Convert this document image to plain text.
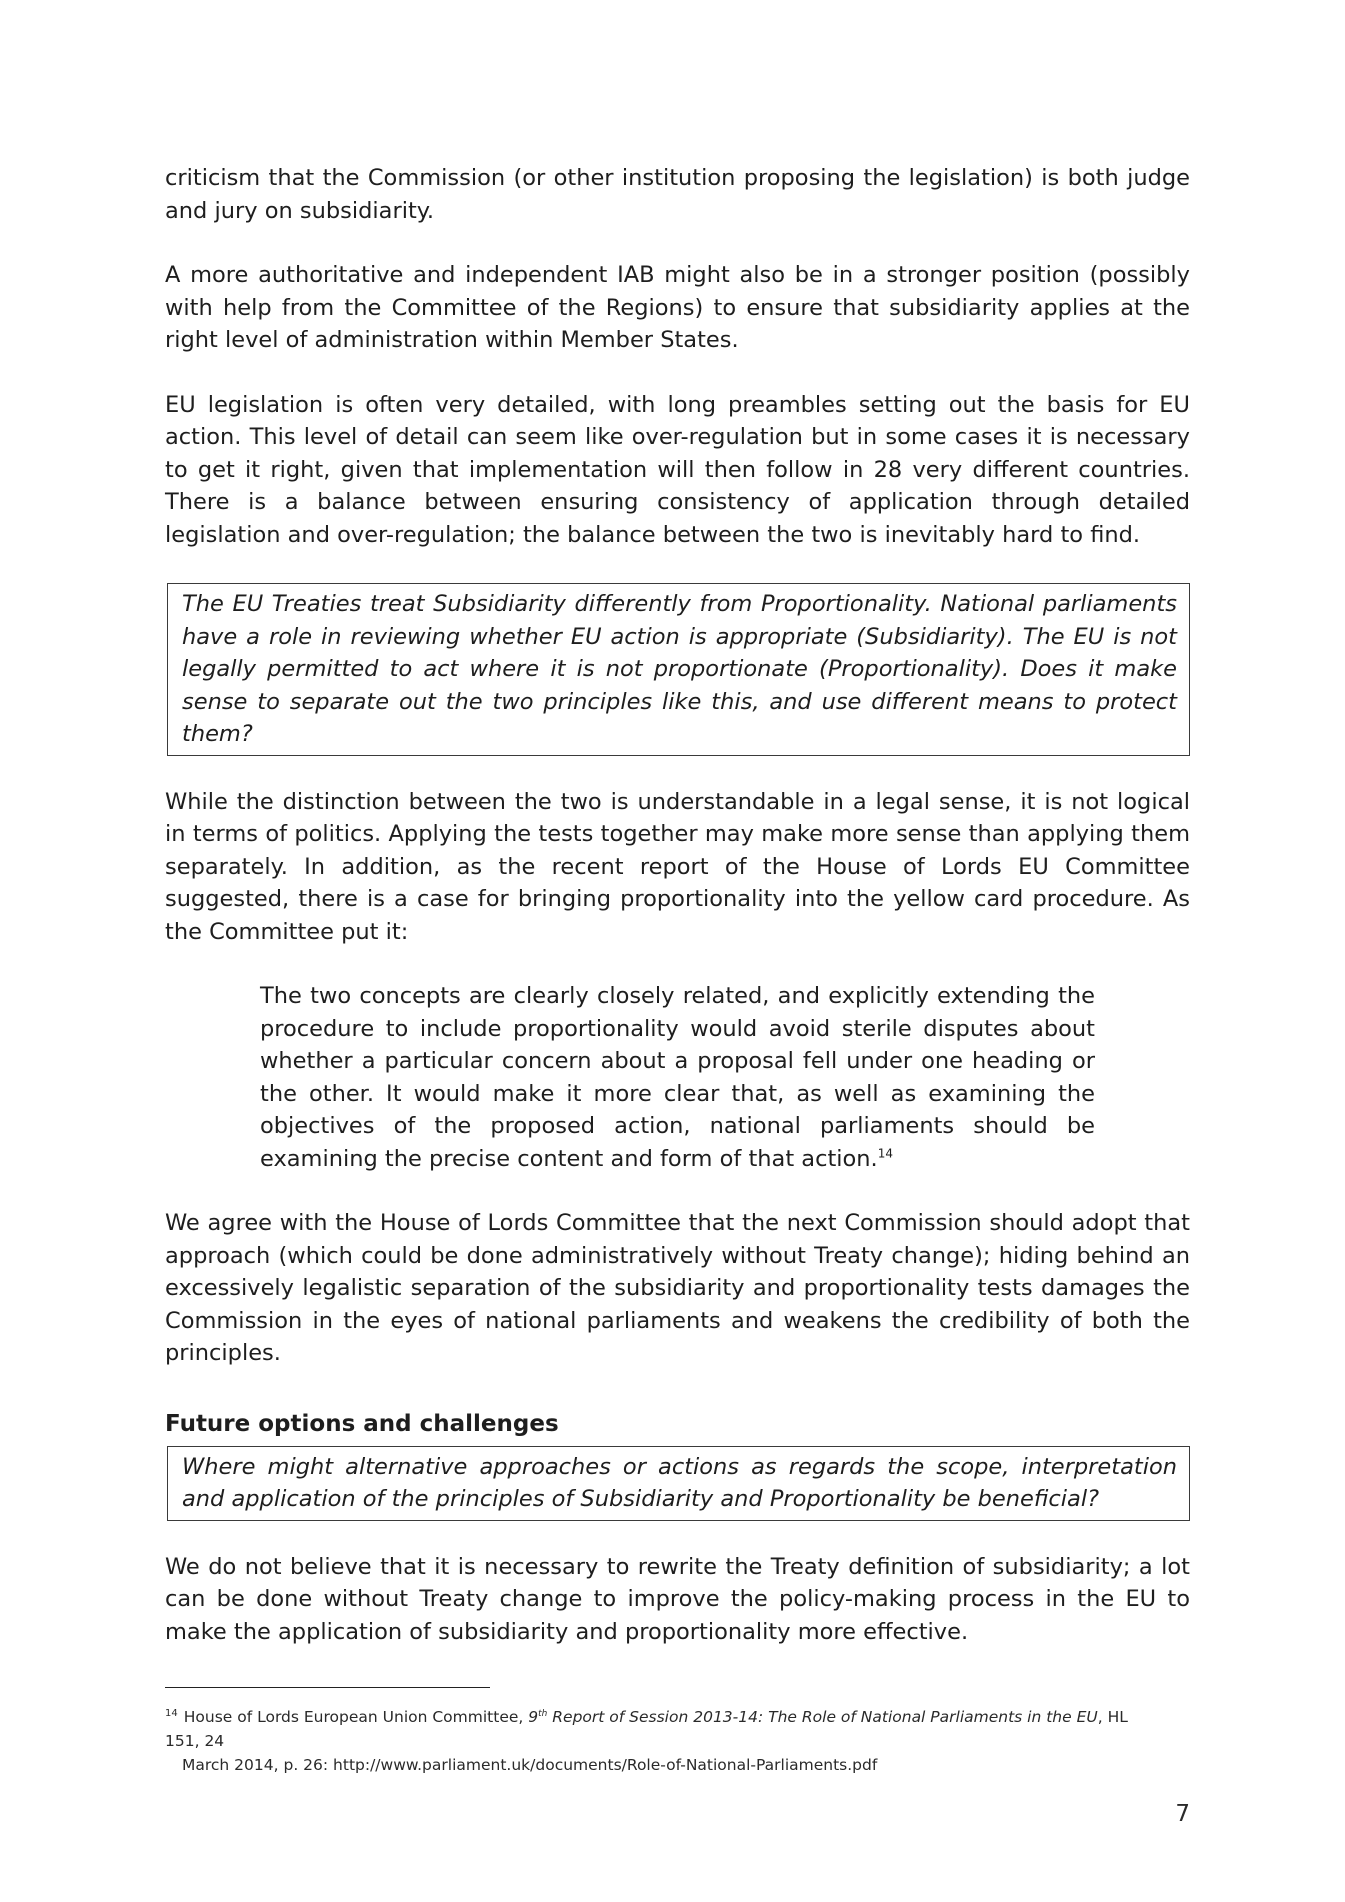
criticism that the Commission (or other institution proposing the legislation) is both judge and jury on subsidiarity.

A more authoritative and independent IAB might also be in a stronger position (possibly with help from the Committee of the Regions) to ensure that subsidiarity applies at the right level of administration within Member States.

EU legislation is often very detailed, with long preambles setting out the basis for EU action. This level of detail can seem like over-regulation but in some cases it is necessary to get it right, given that implementation will then follow in 28 very different countries. There is a balance between ensuring consistency of application through detailed legislation and over-regulation; the balance between the two is inevitably hard to find.

The EU Treaties treat Subsidiarity differently from Proportionality. National parliaments have a role in reviewing whether EU action is appropriate (Subsidiarity). The EU is not legally permitted to act where it is not proportionate (Proportionality). Does it make sense to separate out the two principles like this, and use different means to protect them?

While the distinction between the two is understandable in a legal sense, it is not logical in terms of politics. Applying the tests together may make more sense than applying them separately. In addition, as the recent report of the House of Lords EU Committee suggested, there is a case for bringing proportionality into the yellow card procedure. As the Committee put it:

The two concepts are clearly closely related, and explicitly extending the procedure to include proportionality would avoid sterile disputes about whether a particular concern about a proposal fell under one heading or the other. It would make it more clear that, as well as examining the objectives of the proposed action, national parliaments should be examining the precise content and form of that action.$^{14}$

We agree with the House of Lords Committee that the next Commission should adopt that approach (which could be done administratively without Treaty change); hiding behind an excessively legalistic separation of the subsidiarity and proportionality tests damages the Commission in the eyes of national parliaments and weakens the credibility of both the principles.

Future options and challenges

Where might alternative approaches or actions as regards the scope, interpretation and application of the principles of Subsidiarity and Proportionality be beneficial?

We do not believe that it is necessary to rewrite the Treaty definition of subsidiarity; a lot can be done without Treaty change to improve the policy-making process in the EU to make the application of subsidiarity and proportionality more effective.

$^{14}$ House of Lords European Union Committee, 9th Report of Session 2013-14: The Role of National Parliaments in the EU, HL 151, 24
March 2014, p. 26: http://www.parliament.uk/documents/Role-of-National-Parliaments.pdf
7
